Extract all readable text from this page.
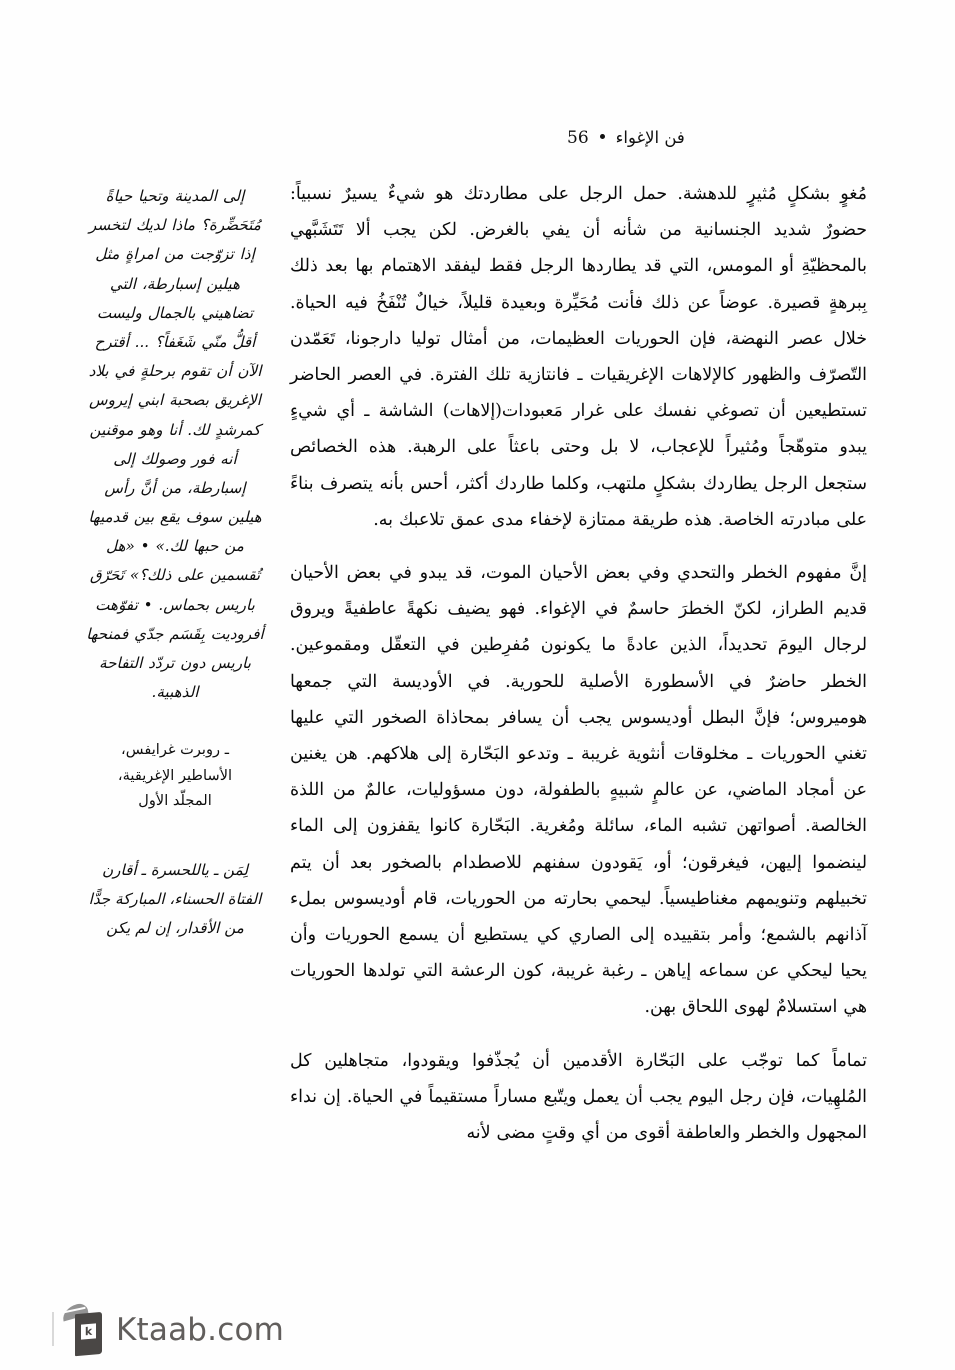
فن الإغواء
56

مُغوٍ بشكلٍ مُثيرٍ للدهشة. حمل الرجل على مطاردتك هو شيءٌ يسيرٌ نسبياً: حضورٌ شديد الجنسانية من شأنه أن يفي بالغرض. لكن يجب ألا تَتَشَبَّهي بالمحظيّةِ أو المومس، التي قد يطاردها الرجل فقط ليفقد الاهتمام بها بعد ذلك بِبرهةٍ قصيرة. عوضاً عن ذلك فأنت مُحَيِّرة وبعيدة قليلاً، خيالٌ تُنْفَخُ فيه الحياة. خلال عصر النهضة، فإن الحوريات العظيمات، من أمثال توليا دارجونا، تَعَمّدن التّصرّف والظهور كالإلاهات الإغريقيات ـ فانتازية تلك الفترة. في العصر الحاضر تستطيعين أن تصوغي نفسك على غرار مَعبودات(إلاهات) الشاشة ـ أي شيءٍ يبدو متوهّجاً ومُثيراً للإعجاب، لا بل وحتى باعثاً على الرهبة. هذه الخصائص ستجعل الرجل يطاردك بشكلٍ ملتهب، وكلما طاردك أكثر، أحس بأنه يتصرف بناءً على مبادرته الخاصة. هذه طريقة ممتازة لإخفاء مدى عمق تلاعبك به.

إنَّ مفهوم الخطر والتحدي وفي بعض الأحيان الموت، قد يبدو في بعض الأحيان قديم الطراز، لكنّ الخطرَ حاسمٌ في الإغواء. فهو يضيف نكهةً عاطفيةً ويروق لرجال اليومَ تحديداً، الذين عادةً ما يكونون مُفرِطين في التعقّل ومقموعين. الخطر حاضرٌ في الأسطورة الأصلية للحورية. في الأوديسة التي جمعها هوميروس؛ فإنَّ البطل أوديسوس يجب أن يسافر بمحاذاة الصخور التي عليها تغني الحوريات ـ مخلوقات أنثوية غريبة ـ وتدعو البَحّارة إلى هلاكهم. هن يغنين عن أمجاد الماضي، عن عالمٍ شبيهٍ بالطفولة، دون مسؤوليات، عالمٌ من اللذة الخالصة. أصواتهن تشبه الماء، سائلة ومُغرية. البَحّارة كانوا يقفزون إلى الماء لينضموا إليهن، فيغرقون؛ أو، يَقودون سفنهم للاصطدام بالصخور بعد أن يتم تخبيلهم وتنويمهم مغناطيسياً. ليحمي بحارته من الحوريات، قام أوديسوس بملء آذانهم بالشمع؛ وأمر بتقييده إلى الصاري كي يستطيع أن يسمع الحوريات وأن يحيا ليحكي عن سماعه إياهن ـ رغبة غريبة، كون الرعشة التي تولدها الحوريات هي استسلامٌ لهوى اللحاق بهن.

تماماً كما توجّب على البَحّارة الأقدمين أن يُجذّفوا ويقودوا، متجاهلين كل المُلهِيات، فإن رجل اليوم يجب أن يعمل ويتّبع مساراً مستقيماً في الحياة. إن نداء المجهول والخطر والعاطفة أقوى من أي وقتٍ مضى لأنه

إلى المدينة وتحيا حياةً مُتَحَضِّرة؟ ماذا لديك لتخسر إذا تزوّجت من امراةٍ مثل هيلين إسبارطة، التي تضاهيني بالجمال وليست أقلُّ منّي شَغَفاً؟ ... أقترح الآن أن تقوم برحلةٍ في بلاد الإغريق بصحبة ابني إيروس كمرشدٍ لك. أنا وهو موقنين أنه فور وصولك إلى إسبارطة، من أنَّ رأس هيلين سوف يقع بين قدميها من حبها لك.» • «هل تُقسمين على ذلك؟» تَحَرّق باريس بحماس. • تفوّهت أفروديت بِقَسَم جدّي فمنحها باريس دون تردّد التفاحة الذهبية.
ـ روبرت غرايفس،
الأساطير الإغريقية،
المجلّد الأول
لِمَن ـ ياللحسرة ـ أقارن الفتاة الحسناء، المباركة جدًّا من الأقدار، إن لم يكن
k Ktaab.com
